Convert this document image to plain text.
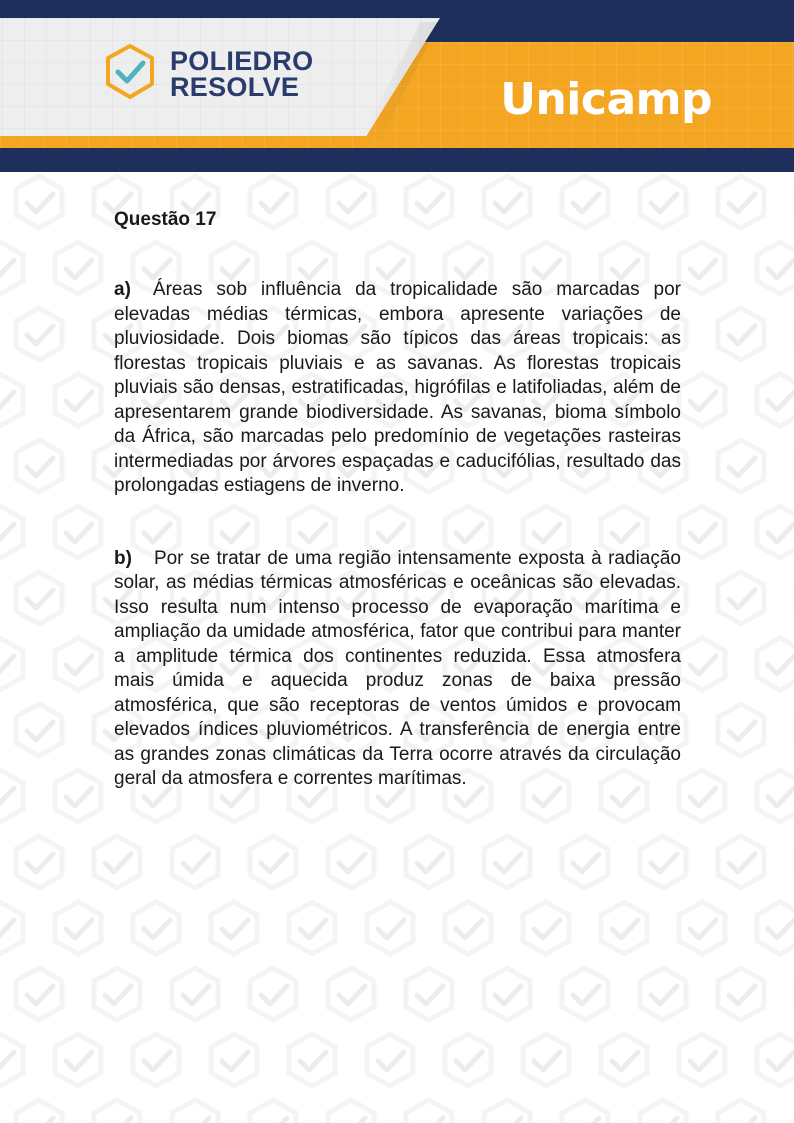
POLIEDRO
RESOLVE	Unicamp
Questão 17

a) Áreas sob influência da tropicalidade são marcadas por elevadas médias térmicas, embora apresente variações de pluviosidade. Dois biomas são típicos das áreas tropicais: as florestas tropicais pluviais e as savanas. As florestas tropicais pluviais são densas, estratificadas, higrófilas e latifoliadas, além de apresentarem grande biodiversidade. As savanas, bioma símbolo da África, são marcadas pelo predomínio de vegetações rasteiras intermediadas por árvores espaçadas e caducifólias, resultado das prolongadas estiagens de inverno.

b) Por se tratar de uma região intensamente exposta à radiação solar, as médias térmicas atmosféricas e oceânicas são elevadas. Isso resulta num intenso processo de evaporação marítima e ampliação da umidade atmosférica, fator que contribui para manter a amplitude térmica dos continentes reduzida. Essa atmosfera mais úmida e aquecida produz zonas de baixa pressão atmosférica, que são receptoras de ventos úmidos e provocam elevados índices pluviométricos. A transferência de energia entre as grandes zonas climáticas da Terra ocorre através da circulação geral da atmosfera e correntes marítimas.
